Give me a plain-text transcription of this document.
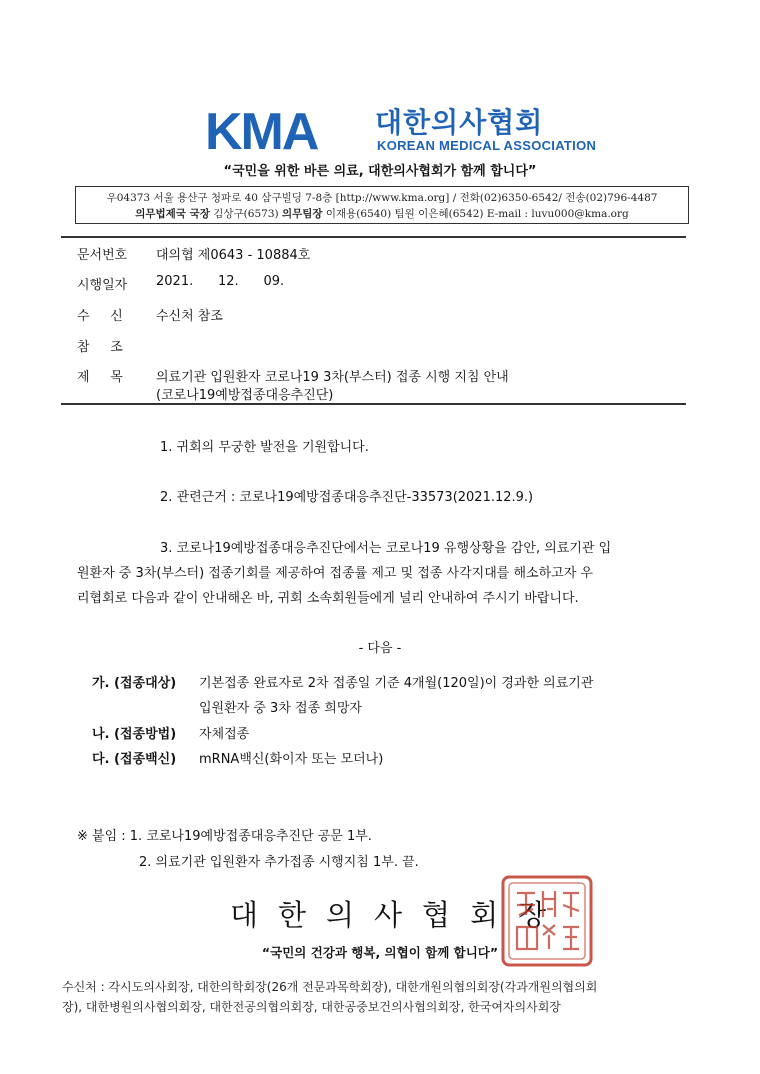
KMA 대한의사협회
KOREAN MEDICAL ASSOCIATION
“국민을 위한 바른 의료, 대한의사협회가 함께 합니다”
우04373 서울 용산구 청파로 40 삼구빌딩 7-8층 [http://www.kma.org] / 전화(02)6350-6542/ 전송(02)796-4487
의무법제국 국장 김상구(6573) 의무팀장 이재용(6540) 팀원 이은혜(6542) E-mail : luvu000@kma.org
문서번호 대의협 제0643 - 10884호
시행일자 2021.      12.      09.
수     신	수신처 참조
참     조
제     목	의료기관 입원환자 코로나19 3차(부스터) 접종 시행 지침 안내
(코로나19예방접종대응추진단)
1. 귀회의 무궁한 발전을 기원합니다.
2. 관련근거 : 코로나19예방접종대응추진단-33573(2021.12.9.)
3. 코로나19예방접종대응추진단에서는 코로나19 유행상황을 감안, 의료기관 입
원환자 중 3차(부스터) 접종기회를 제공하여 접종률 제고 및 접종 사각지대를 해소하고자 우
리협회로 다음과 같이 안내해온 바, 귀회 소속회원들에게 널리 안내하여 주시기 바랍니다.
- 다음 -
가. (접종대상) 기본접종 완료자로 2차 접종일 기준 4개월(120일)이 경과한 의료기관
입원환자 중 3차 접종 희망자
나. (접종방법) 자체접종
다. (접종백신) mRNA백신(화이자 또는 모더나)
※ 붙임 : 1. 코로나19예방접종대응추진단 공문 1부.
2. 의료기관 입원환자 추가접종 시행지침 1부. 끝.
대한의사협회장
“국민의 건강과 행복, 의협이 함께 합니다”
수신처 : 각시도의사회장, 대한의학회장(26개 전문과목학회장), 대한개원의협의회장(각과개원의협의회
장), 대한병원의사협의회장, 대한전공의협의회장, 대한공중보건의사협의회장, 한국여자의사회장
